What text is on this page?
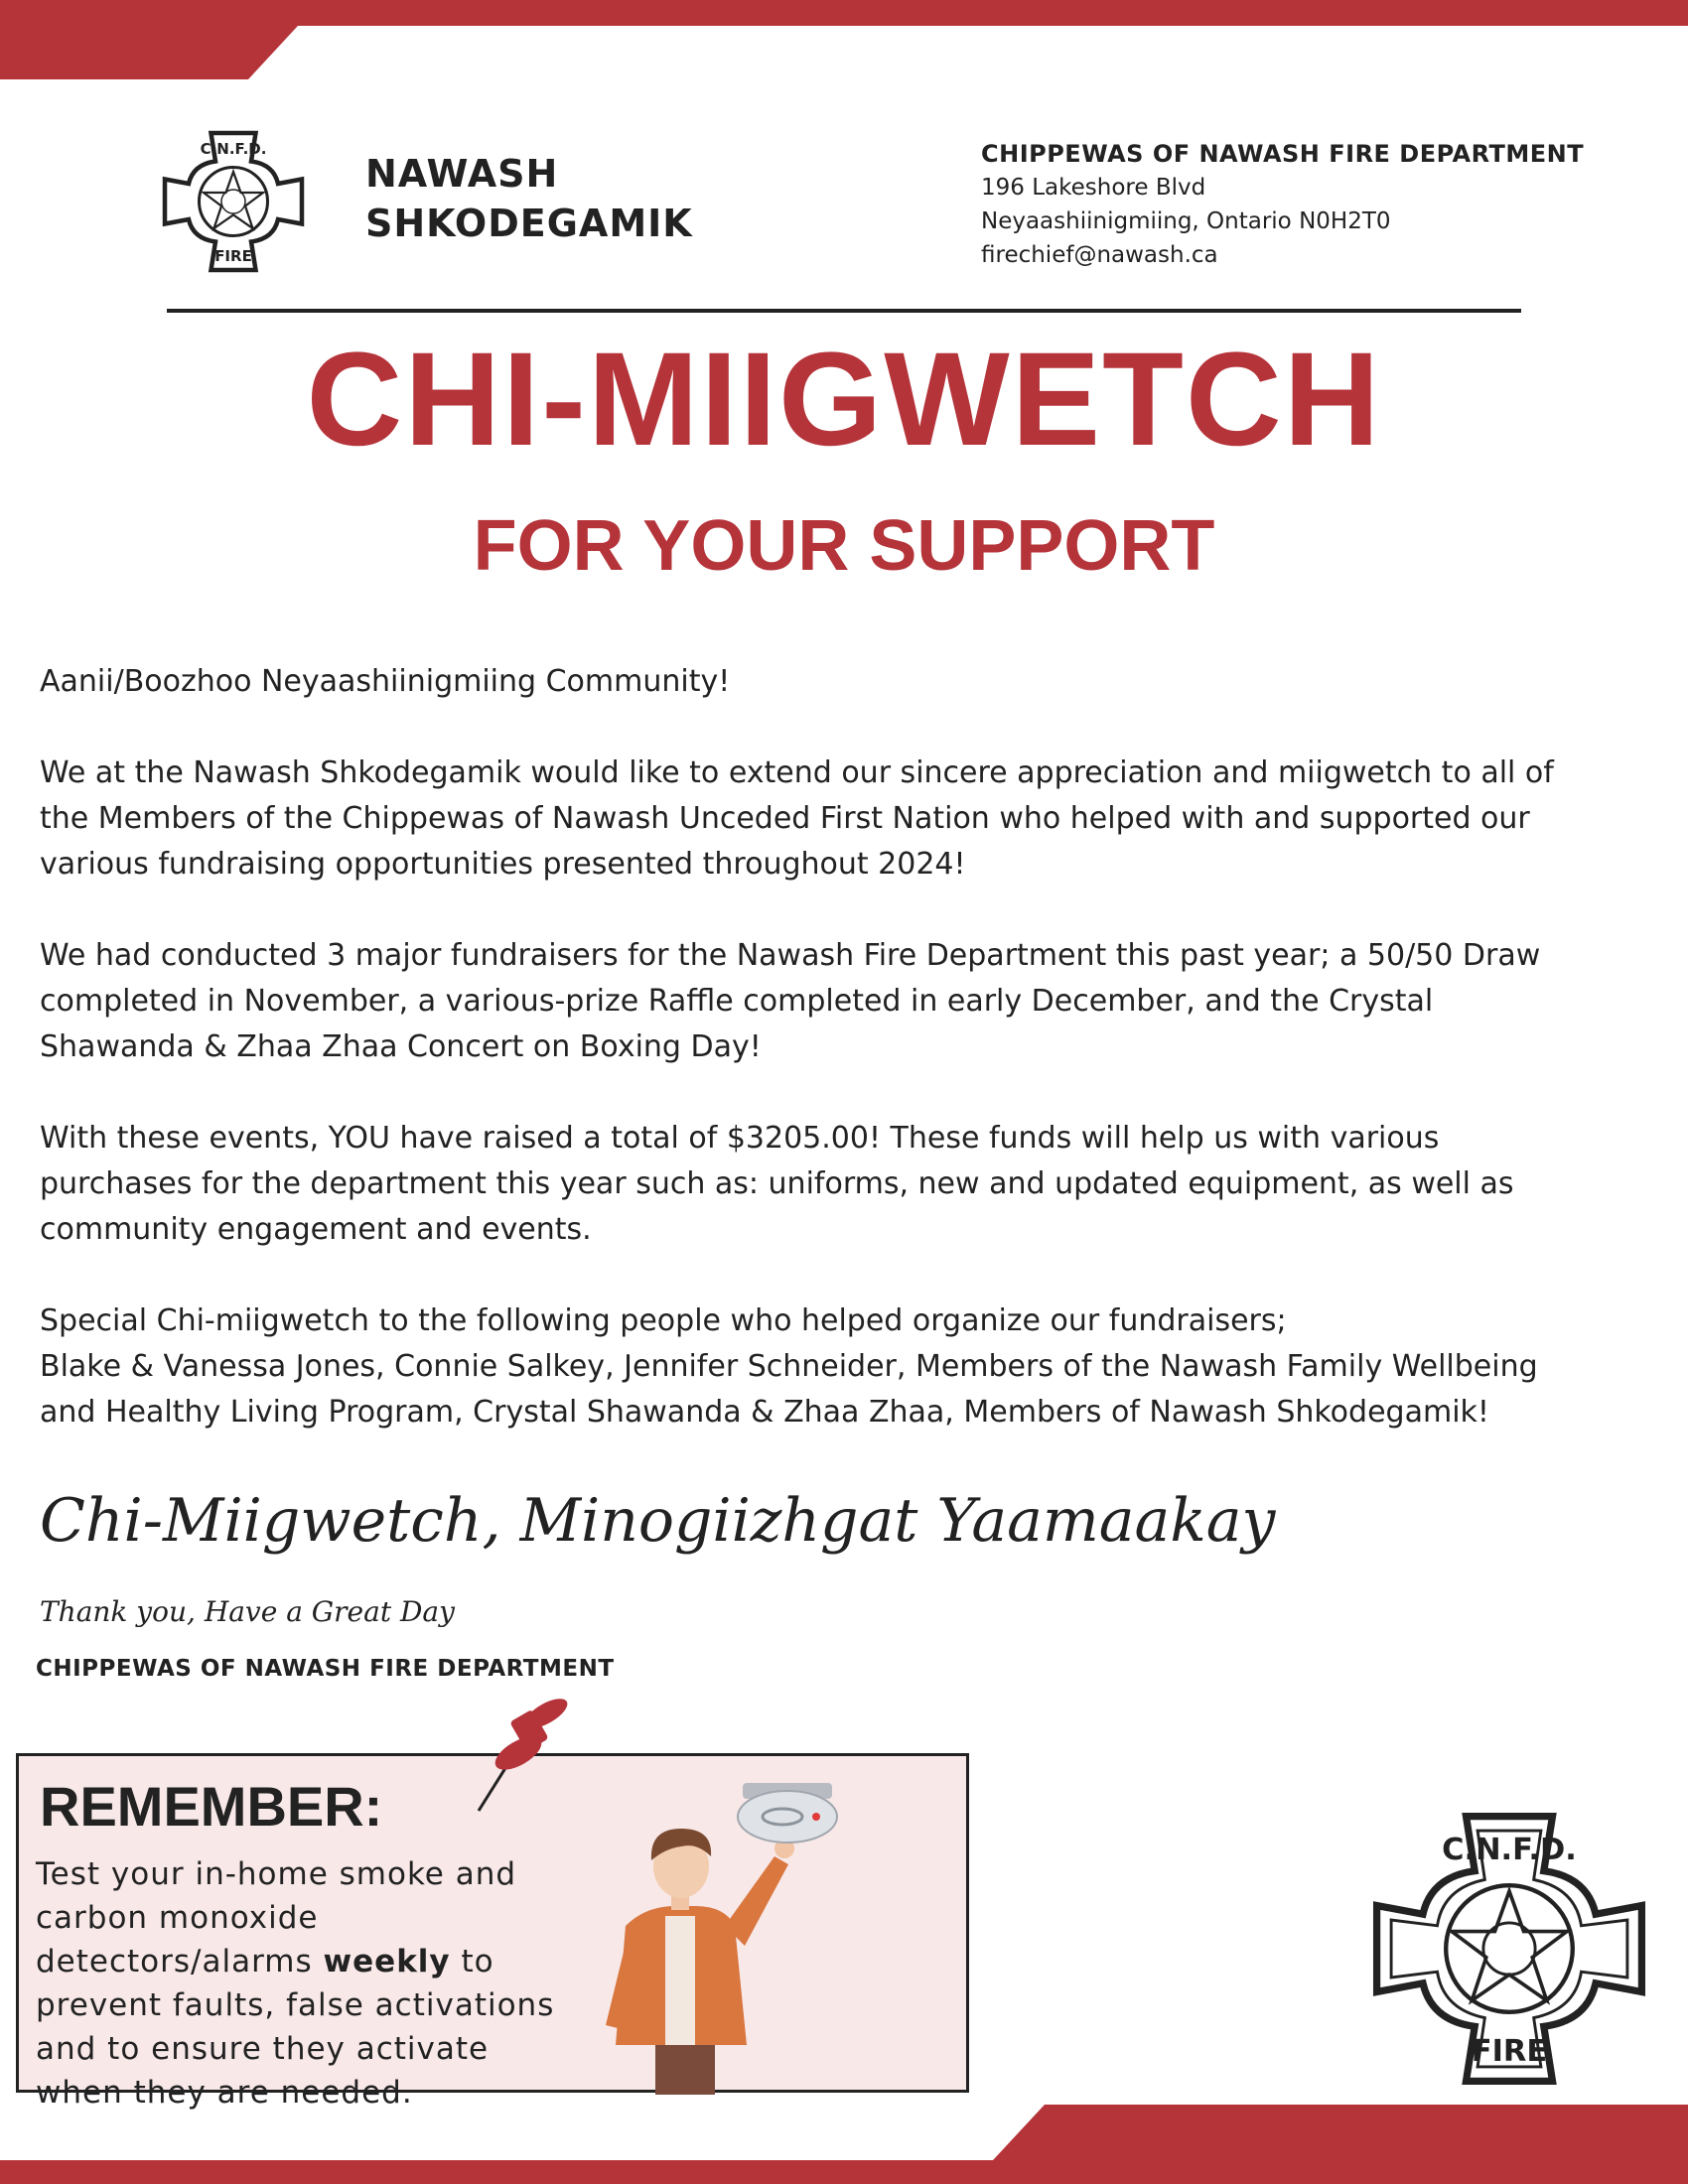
C.N.F.D.
FIRE
NAWASH
SHKODEGAMIK
CHIPPEWAS OF NAWASH FIRE DEPARTMENT
196 Lakeshore Blvd
Neyaashiinigmiing, Ontario N0H2T0
firechief@nawash.ca
CHI-MIIGWETCH
FOR YOUR SUPPORT

Aanii/Boozhoo Neyaashiinigmiing Community!

We at the Nawash Shkodegamik would like to extend our sincere appreciation and miigwetch to all of
the Members of the Chippewas of Nawash Unceded First Nation who helped with and supported our
various fundraising opportunities presented throughout 2024!

We had conducted 3 major fundraisers for the Nawash Fire Department this past year; a 50/50 Draw
completed in November, a various-prize Raffle completed in early December, and the Crystal
Shawanda & Zhaa Zhaa Concert on Boxing Day!

With these events, YOU have raised a total of $3205.00! These funds will help us with various
purchases for the department this year such as: uniforms, new and updated equipment, as well as
community engagement and events.

Special Chi-miigwetch to the following people who helped organize our fundraisers;
Blake & Vanessa Jones, Connie Salkey, Jennifer Schneider, Members of the Nawash Family Wellbeing
and Healthy Living Program, Crystal Shawanda & Zhaa Zhaa, Members of Nawash Shkodegamik!

Chi-Miigwetch, Minogiizhgat Yaamaakay
Thank you, Have a Great Day
CHIPPEWAS OF NAWASH FIRE DEPARTMENT
REMEMBER:
Test your in-home smoke and
carbon monoxide
detectors/alarms weekly to
prevent faults, false activations
and to ensure they activate
when they are needed.
C.N.F.D.
FIRE
